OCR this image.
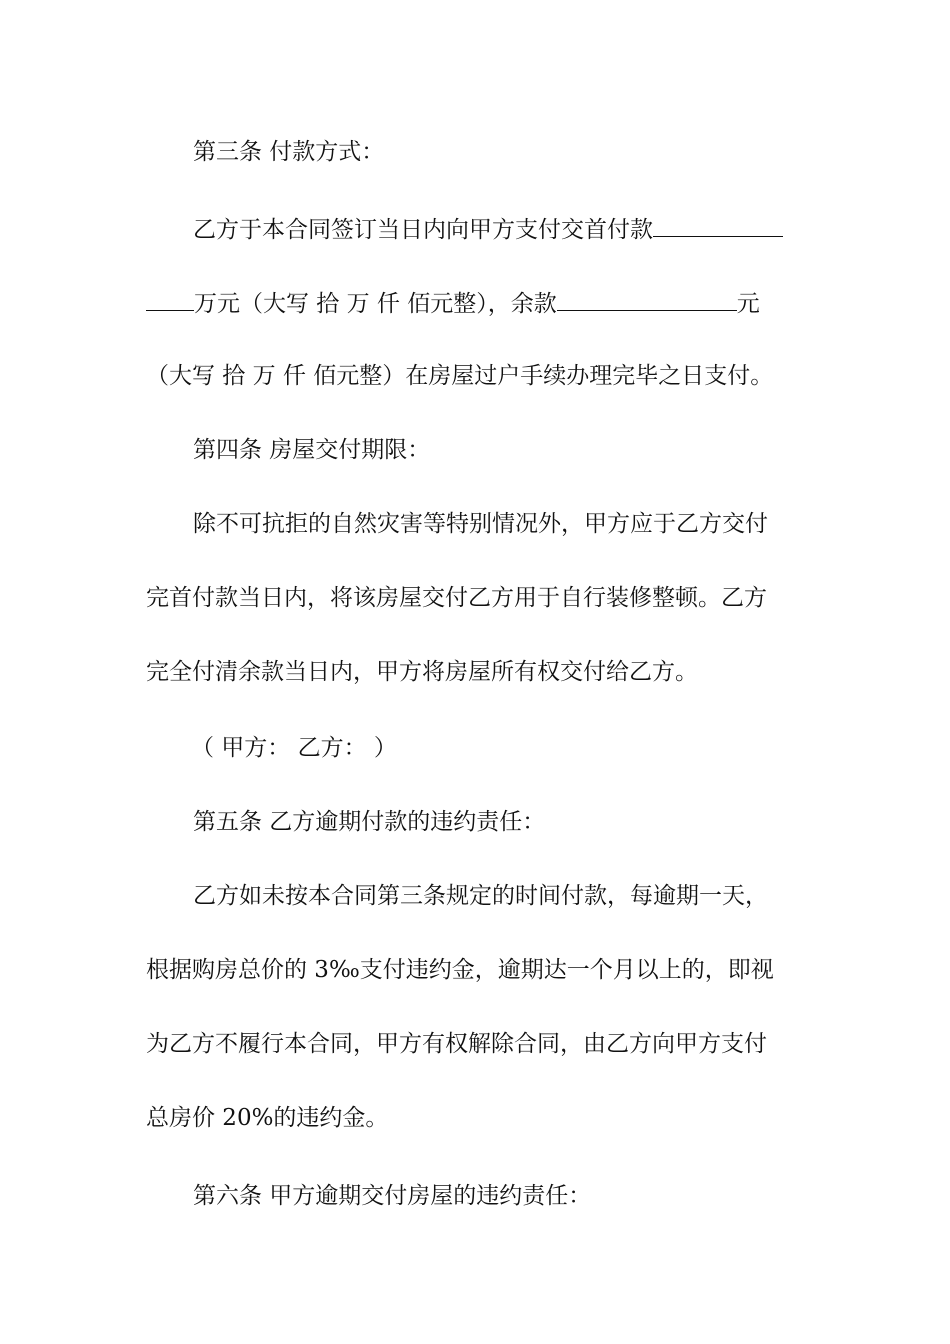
第三条 付款方式：
乙方于本合同签订当日内向甲方支付交首付款
万元（大写 拾 万 仟 佰元整），余款	元
（大写 拾 万 仟 佰元整）在房屋过户手续办理完毕之日支付。
第四条 房屋交付期限：
除不可抗拒的自然灾害等特别情况外，甲方应于乙方交付
完首付款当日内，将该房屋交付乙方用于自行装修整顿。乙方
完全付清余款当日内，甲方将房屋所有权交付给乙方。
（ 甲方： 乙方： ）
第五条 乙方逾期付款的违约责任：
乙方如未按本合同第三条规定的时间付款，每逾期一天，
根据购房总价的 3‰支付违约金，逾期达一个月以上的，即视
为乙方不履行本合同，甲方有权解除合同，由乙方向甲方支付
总房价 20%的违约金。
第六条 甲方逾期交付房屋的违约责任：
